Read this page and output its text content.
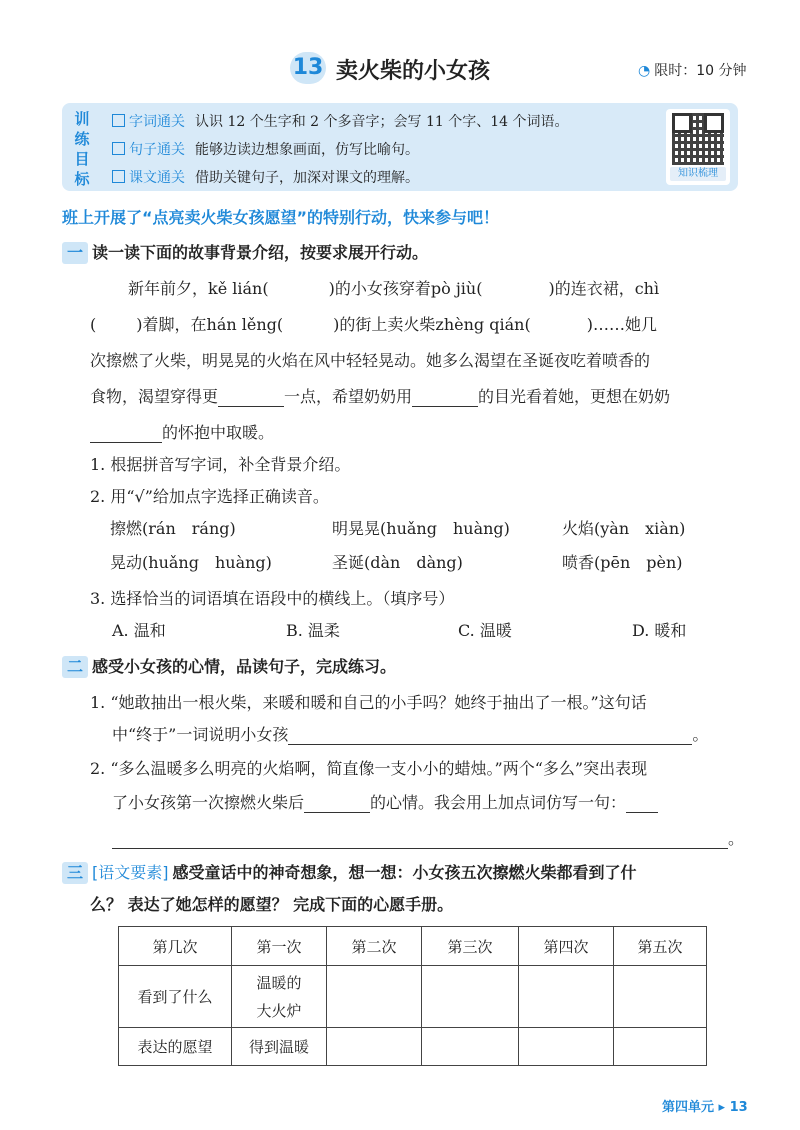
13 卖火柴的小女孩	◔ 限时：10 分钟
训
练
目
标
字词通关 认识 12 个生字和 2 个多音字；会写 11 个字、14 个词语。
句子通关 能够边读边想象画面，仿写比喻句。
课文通关 借助关键句子，加深对课文的理解。	知识梳理
班上开展了“点亮卖火柴女孩愿望”的特别行动，快来参与吧！
一 读一读下面的故事背景介绍，按要求展开行动。
新年前夕，kě lián(	)的小女孩穿着pò jiù(	)的连衣裙，chì
(	)着脚，在hán lěng(	)的街上卖火柴zhèng qián(	)……她几
次擦燃了火柴，明晃晃的火焰在风中轻轻晃动。她多么渴望在圣诞夜吃着喷香的
食物，渴望穿得更	一点，希望奶奶用	的目光看着她，更想在奶奶
的怀抱中取暖。
1. 根据拼音写字词，补全背景介绍。
2. 用“√”给加点字选择正确读音。
擦燃(rán　ráng)	明晃晃(huǎng　huàng)	火焰(yàn　xiàn)
晃动(huǎng　huàng)	圣诞(dàn　dàng)	喷香(pēn　pèn)
3. 选择恰当的词语填在语段中的横线上。（填序号）
A. 温和	B. 温柔	C. 温暖	D. 暖和
二 感受小女孩的心情，品读句子，完成练习。
1. “她敢抽出一根火柴，来暖和暖和自己的小手吗？她终于抽出了一根。”这句话
中“终于”一词说明小女孩	。
2. “多么温暖多么明亮的火焰啊，简直像一支小小的蜡烛。”两个“多么”突出表现
了小女孩第一次擦燃火柴后	的心情。我会用上加点词仿写一句：
。
三 [语文要素] 感受童话中的神奇想象，想一想：小女孩五次擦燃火柴都看到了什
么？ 表达了她怎样的愿望？ 完成下面的心愿手册。
第几次	第一次	第二次	第三次	第四次	第五次
看到了什么	温暖的
大火炉				
表达的愿望	得到温暖				
第四单元 ▸ 13
